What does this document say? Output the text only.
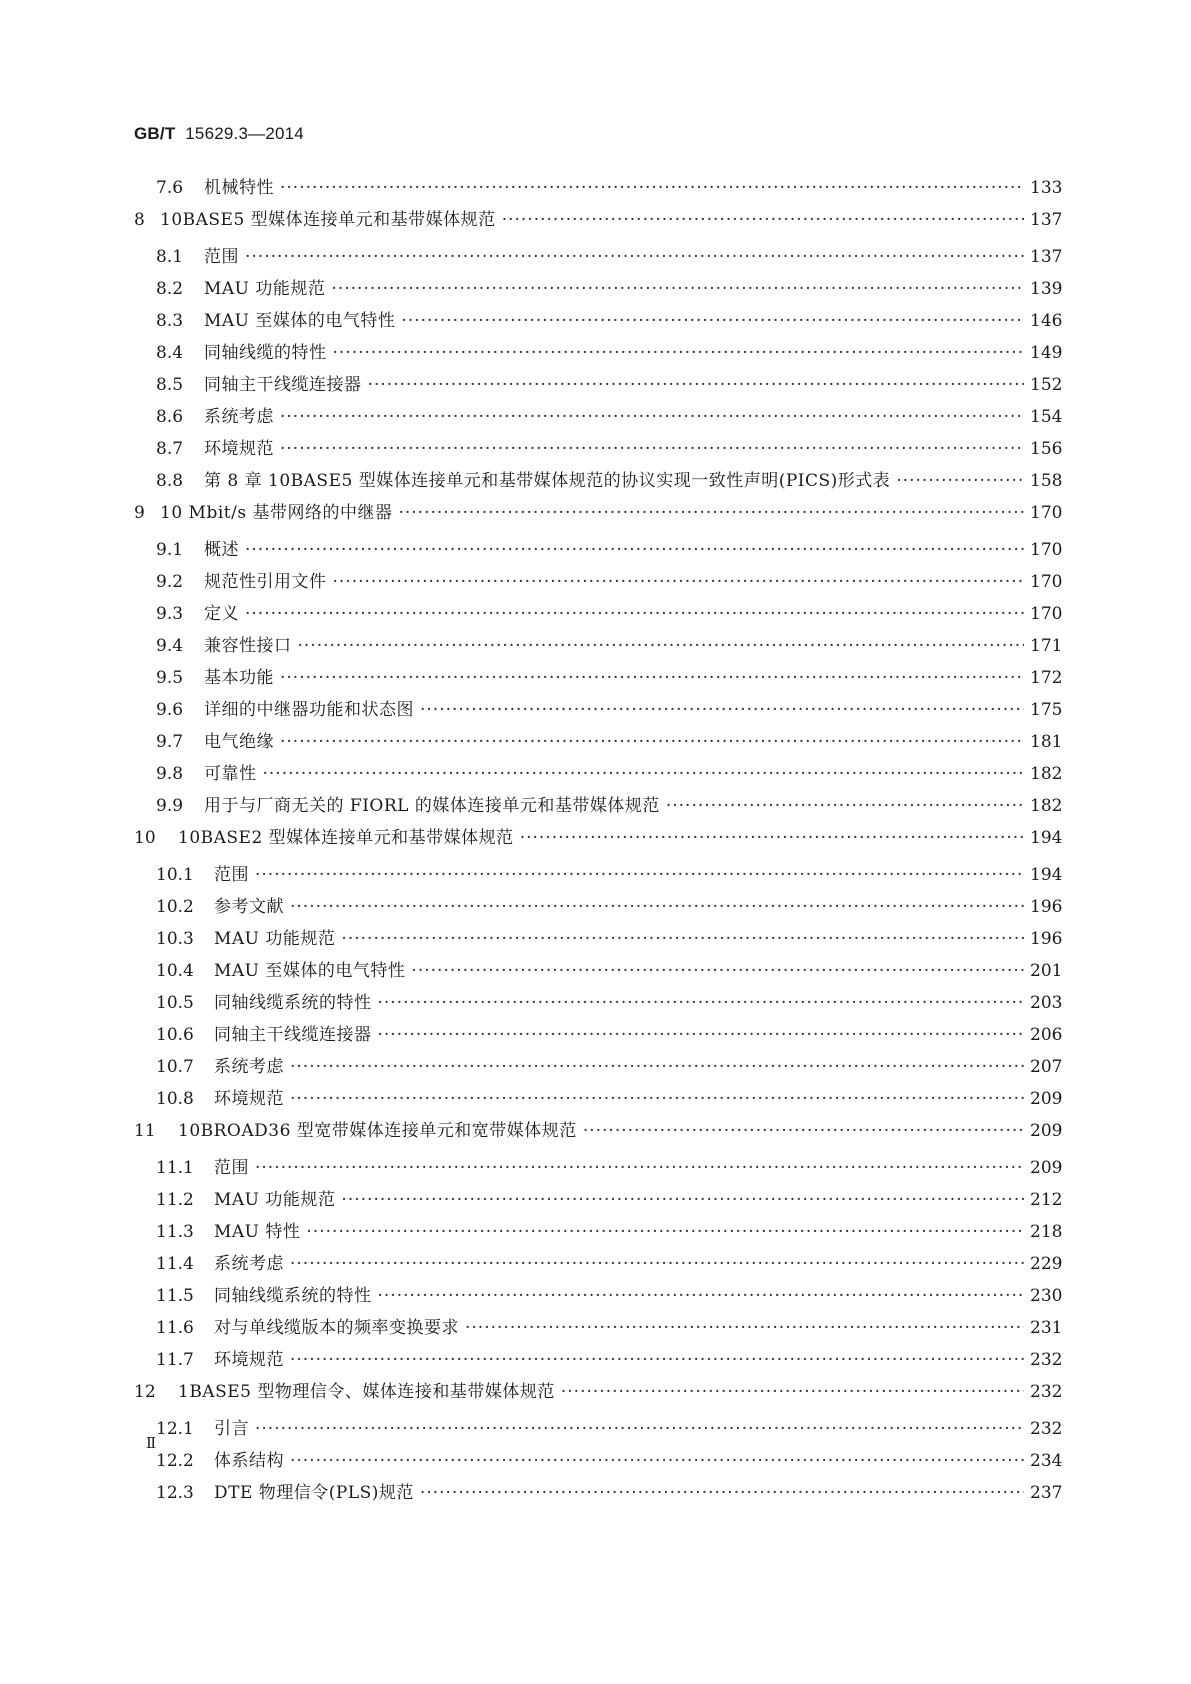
GB/T 15629.3—2014
7.6	机械特性 ·····	133
8 10BASE5 型媒体连接单元和基带媒体规范 ·····	137
8.1	范围 ·····	137
8.2	MAU 功能规范 ·····	139
8.3	MAU 至媒体的电气特性 ·····	146
8.4	同轴线缆的特性 ·····	149
8.5	同轴主干线缆连接器 ·····	152
8.6	系统考虑 ·····	154
8.7	环境规范 ·····	156
8.8	第 8 章 10BASE5 型媒体连接单元和基带媒体规范的协议实现一致性声明(PICS)形式表 ·····	158
9 10 Mbit/s 基带网络的中继器 ·····	170
9.1	概述 ·····	170
9.2	规范性引用文件 ·····	170
9.3	定义 ·····	170
9.4	兼容性接口 ·····	171
9.5	基本功能 ·····	172
9.6	详细的中继器功能和状态图 ·····	175
9.7	电气绝缘 ·····	181
9.8	可靠性 ·····	182
9.9	用于与厂商无关的 FIORL 的媒体连接单元和基带媒体规范 ·····	182
10	10BASE2 型媒体连接单元和基带媒体规范 ·····	194
10.1	范围 ·····	194
10.2	参考文献 ·····	196
10.3	MAU 功能规范 ·····	196
10.4	MAU 至媒体的电气特性 ·····	201
10.5	同轴线缆系统的特性 ·····	203
10.6	同轴主干线缆连接器 ·····	206
10.7	系统考虑 ·····	207
10.8	环境规范 ·····	209
11	10BROAD36 型宽带媒体连接单元和宽带媒体规范 ·····	209
11.1	范围 ·····	209
11.2	MAU 功能规范 ·····	212
11.3	MAU 特性 ·····	218
11.4	系统考虑 ·····	229
11.5	同轴线缆系统的特性 ·····	230
11.6	对与单线缆版本的频率变换要求 ·····	231
11.7	环境规范 ·····	232
12	1BASE5 型物理信令、媒体连接和基带媒体规范 ·····	232
12.1	引言 ·····	232
12.2	体系结构 ·····	234
12.3	DTE 物理信令(PLS)规范 ·····	237
Ⅱ
